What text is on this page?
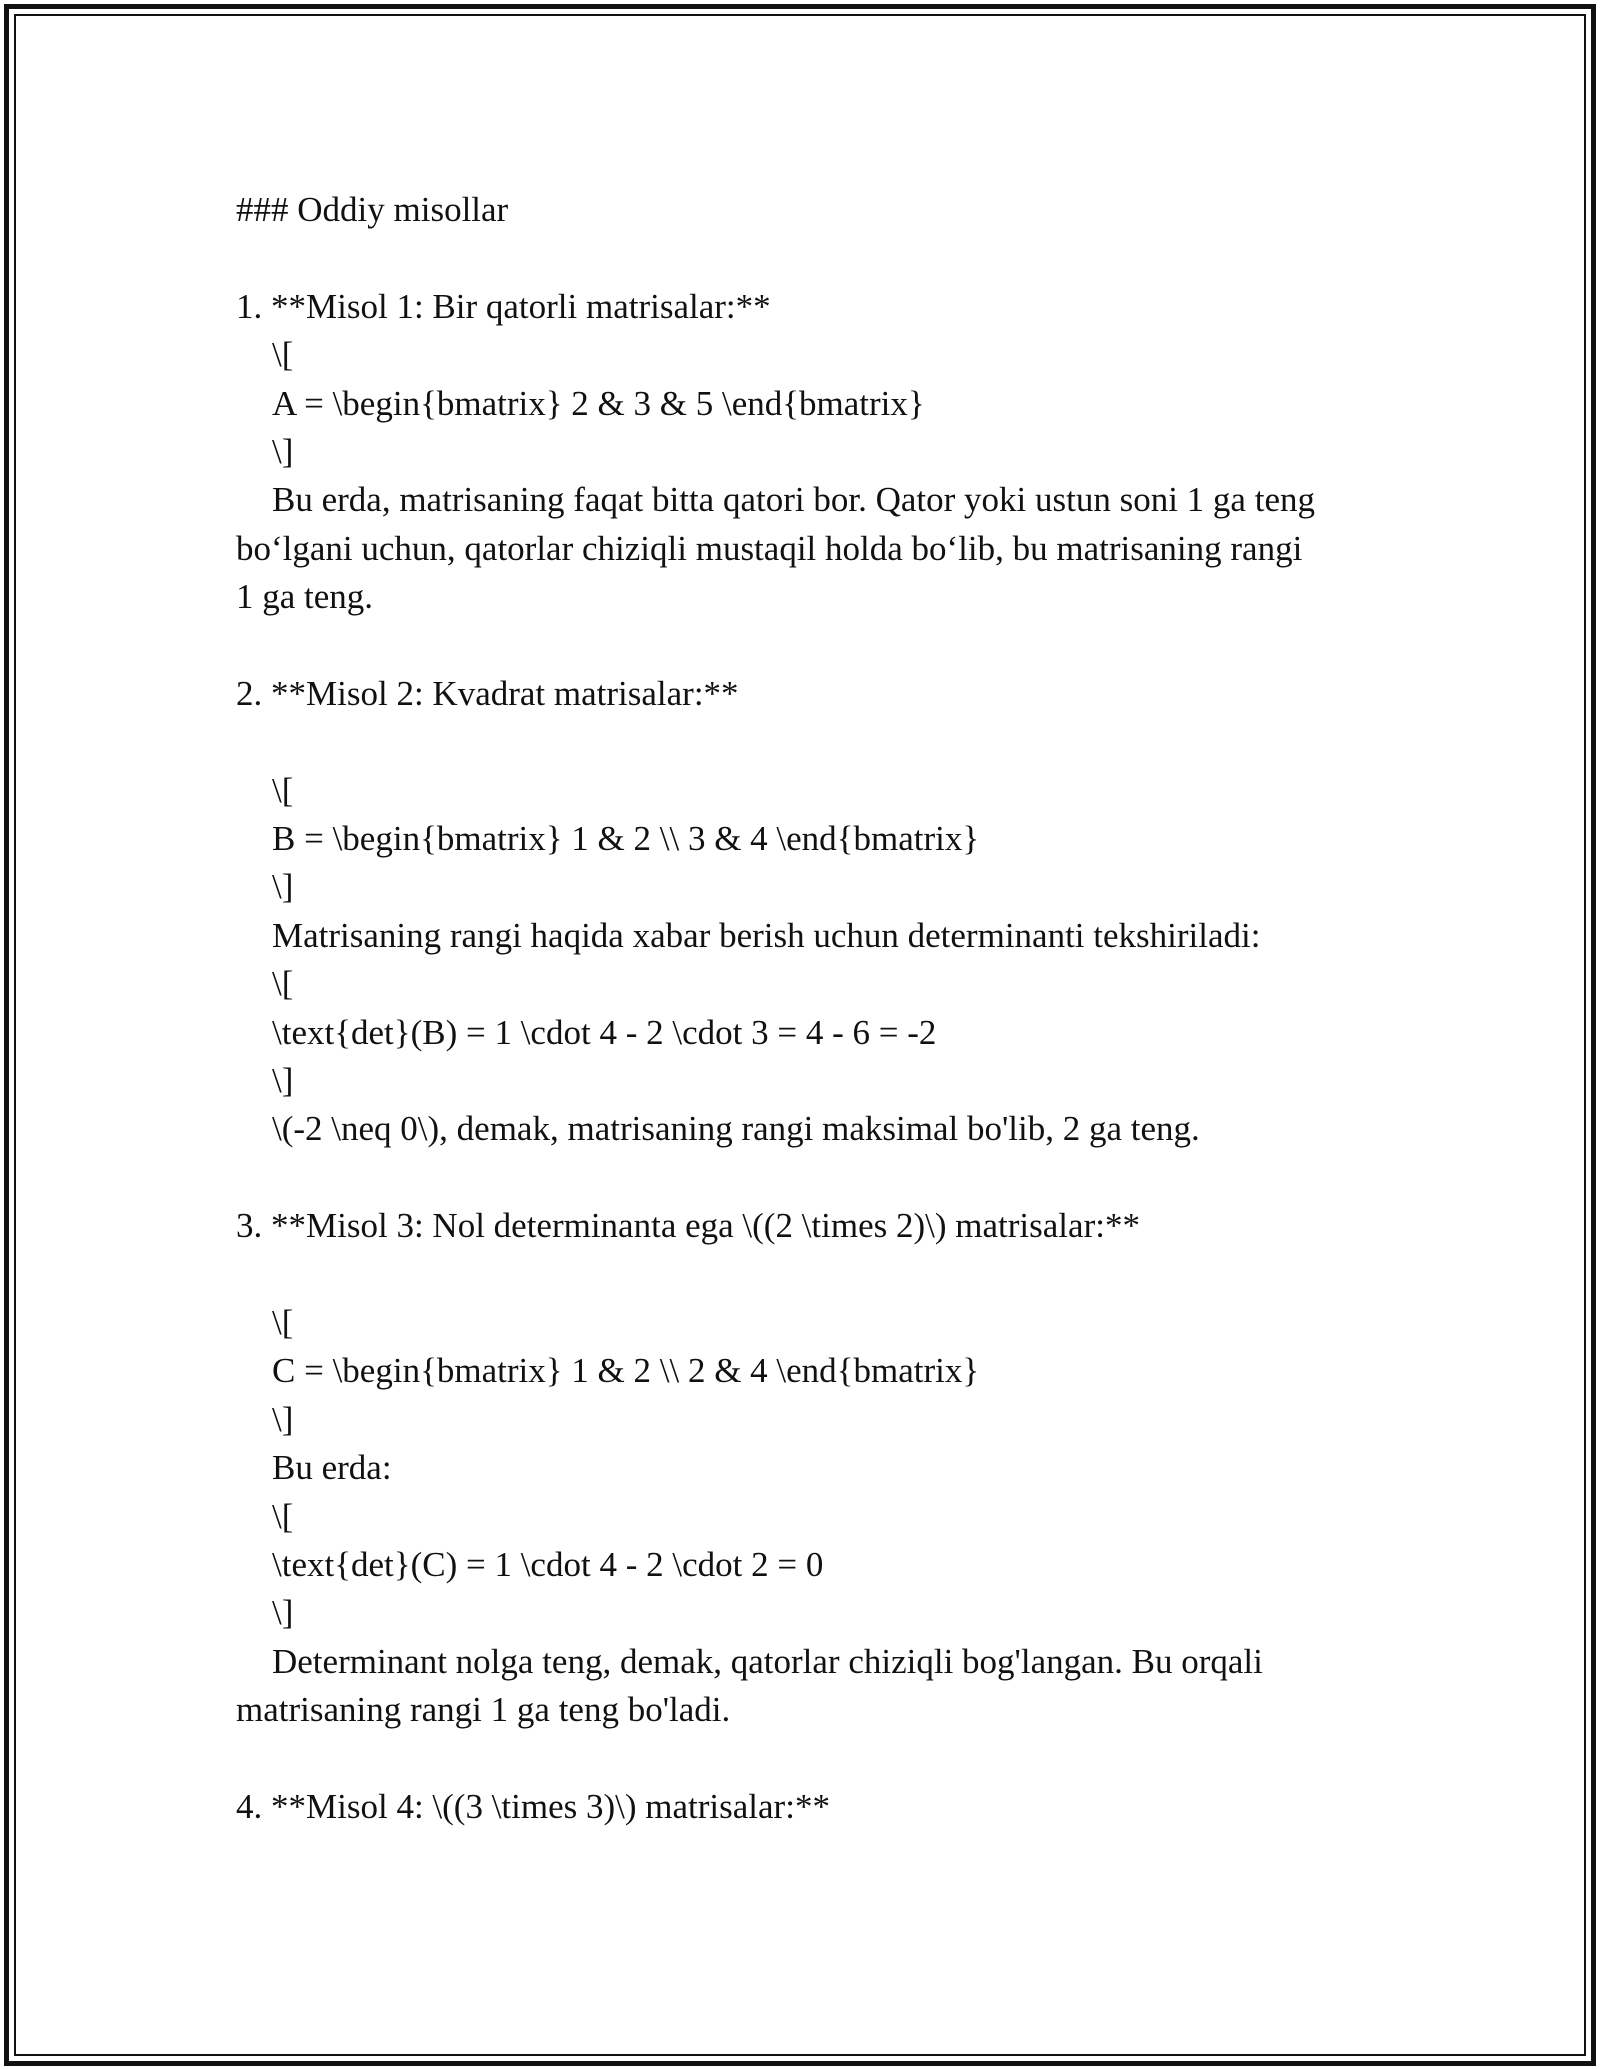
### Oddiy misollar
1. **Misol 1: Bir qatorli matrisalar:**
\[
A = \begin{bmatrix} 2 & 3 & 5 \end{bmatrix}
\]
Bu erda, matrisaning faqat bitta qatori bor. Qator yoki ustun soni 1 ga teng
bo‘lgani uchun, qatorlar chiziqli mustaqil holda bo‘lib, bu matrisaning rangi
1 ga teng.
2. **Misol 2: Kvadrat matrisalar:**
\[
B = \begin{bmatrix} 1 & 2 \\ 3 & 4 \end{bmatrix}
\]
Matrisaning rangi haqida xabar berish uchun determinanti tekshiriladi:
\[
\text{det}(B) = 1 \cdot 4 - 2 \cdot 3 = 4 - 6 = -2
\]
\(-2 \neq 0\), demak, matrisaning rangi maksimal bo'lib, 2 ga teng.
3. **Misol 3: Nol determinanta ega \((2 \times 2)\) matrisalar:**
\[
C = \begin{bmatrix} 1 & 2 \\ 2 & 4 \end{bmatrix}
\]
Bu erda:
\[
\text{det}(C) = 1 \cdot 4 - 2 \cdot 2 = 0
\]
Determinant nolga teng, demak, qatorlar chiziqli bog'langan. Bu orqali
matrisaning rangi 1 ga teng bo'ladi.
4. **Misol 4: \((3 \times 3)\) matrisalar:**
